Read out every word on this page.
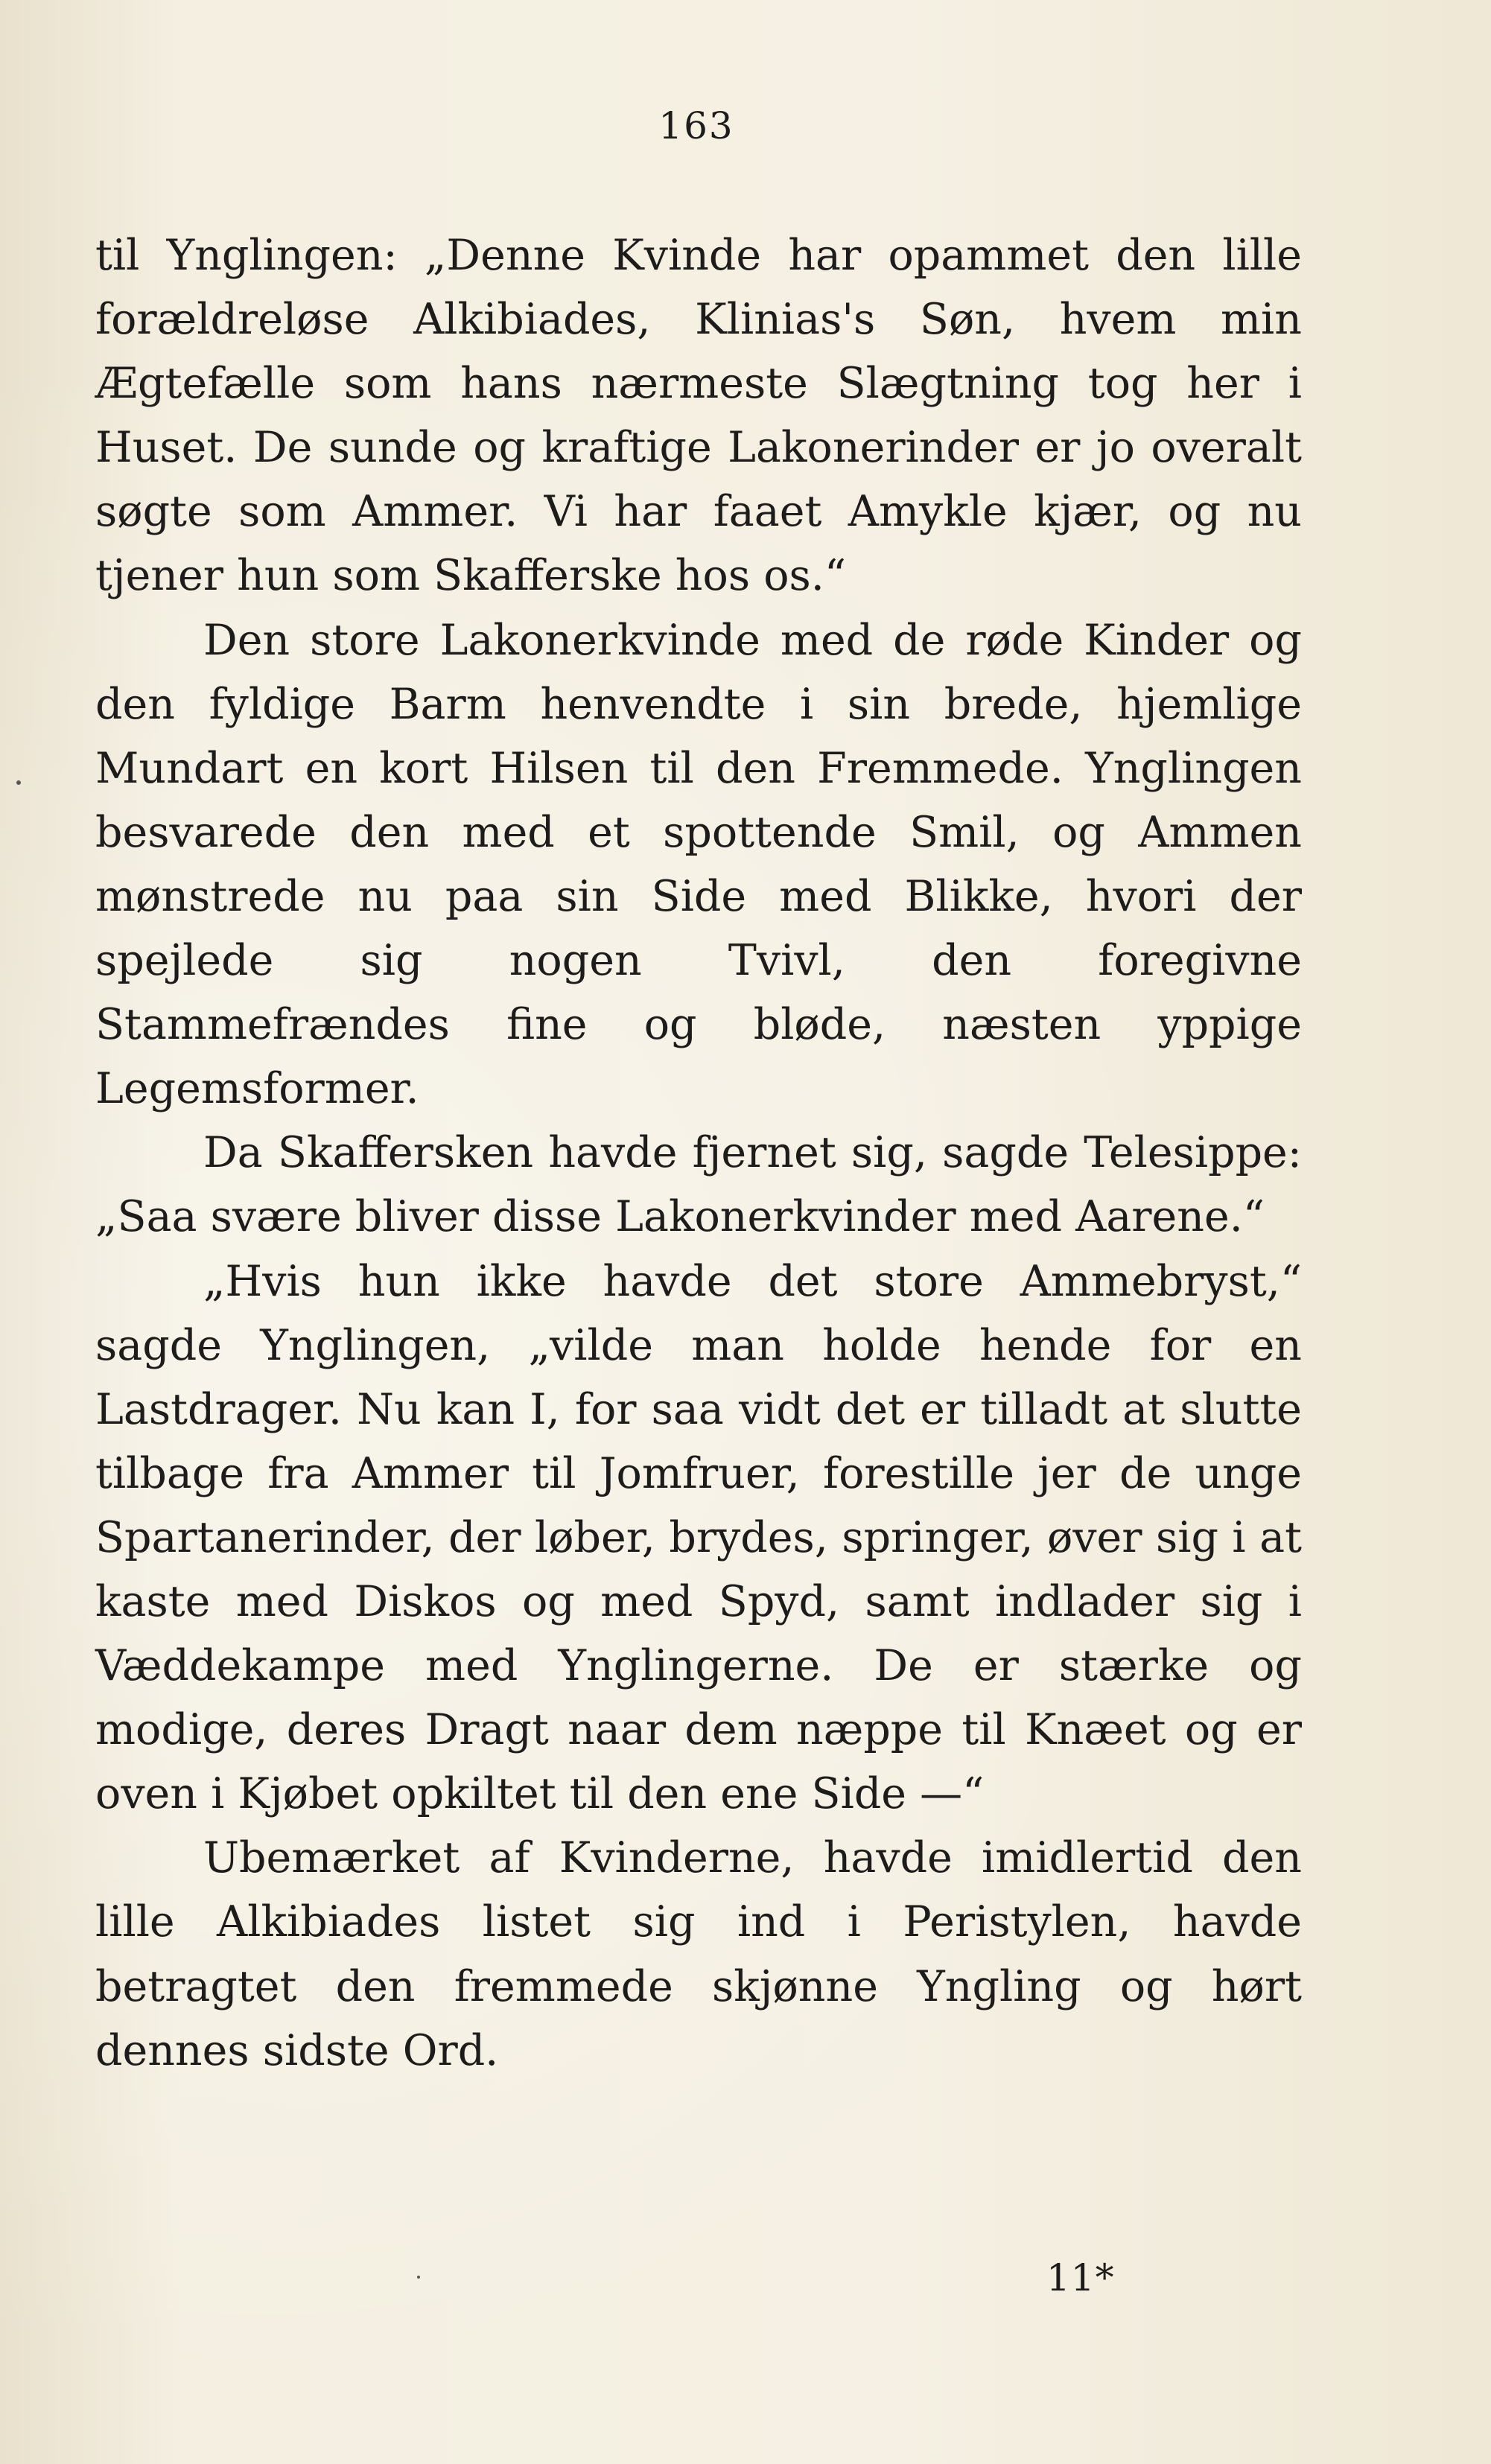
163

til Ynglingen: „Denne Kvinde har opammet den lille forældreløse Alkibiades, Klinias's Søn, hvem min Ægtefælle som hans nærmeste Slægtning tog her i Huset. De sunde og kraftige Lakonerinder er jo overalt søgte som Ammer. Vi har faaet Amykle kjær, og nu tjener hun som Skafferske hos os.“

Den store Lakonerkvinde med de røde Kinder og den fyldige Barm henvendte i sin brede, hjemlige Mundart en kort Hilsen til den Fremmede. Ynglingen besvarede den med et spottende Smil, og Ammen mønstrede nu paa sin Side med Blikke, hvori der spejlede sig nogen Tvivl, den foregivne Stammefrændes fine og bløde, næsten yppige Legemsformer.

Da Skaffersken havde fjernet sig, sagde Telesippe: „Saa svære bliver disse Lakonerkvinder med Aarene.“

„Hvis hun ikke havde det store Ammebryst,“ sagde Ynglingen, „vilde man holde hende for en Lastdrager. Nu kan I, for saa vidt det er tilladt at slutte tilbage fra Ammer til Jomfruer, forestille jer de unge Spartanerinder, der løber, brydes, springer, øver sig i at kaste med Diskos og med Spyd, samt indlader sig i Væddekampe med Ynglingerne. De er stærke og modige, deres Dragt naar dem næppe til Knæet og er oven i Kjøbet opkiltet til den ene Side —“

Ubemærket af Kvinderne, havde imidlertid den lille Alkibiades listet sig ind i Peristylen, havde betragtet den fremmede skjønne Yngling og hørt dennes sidste Ord.

11*
